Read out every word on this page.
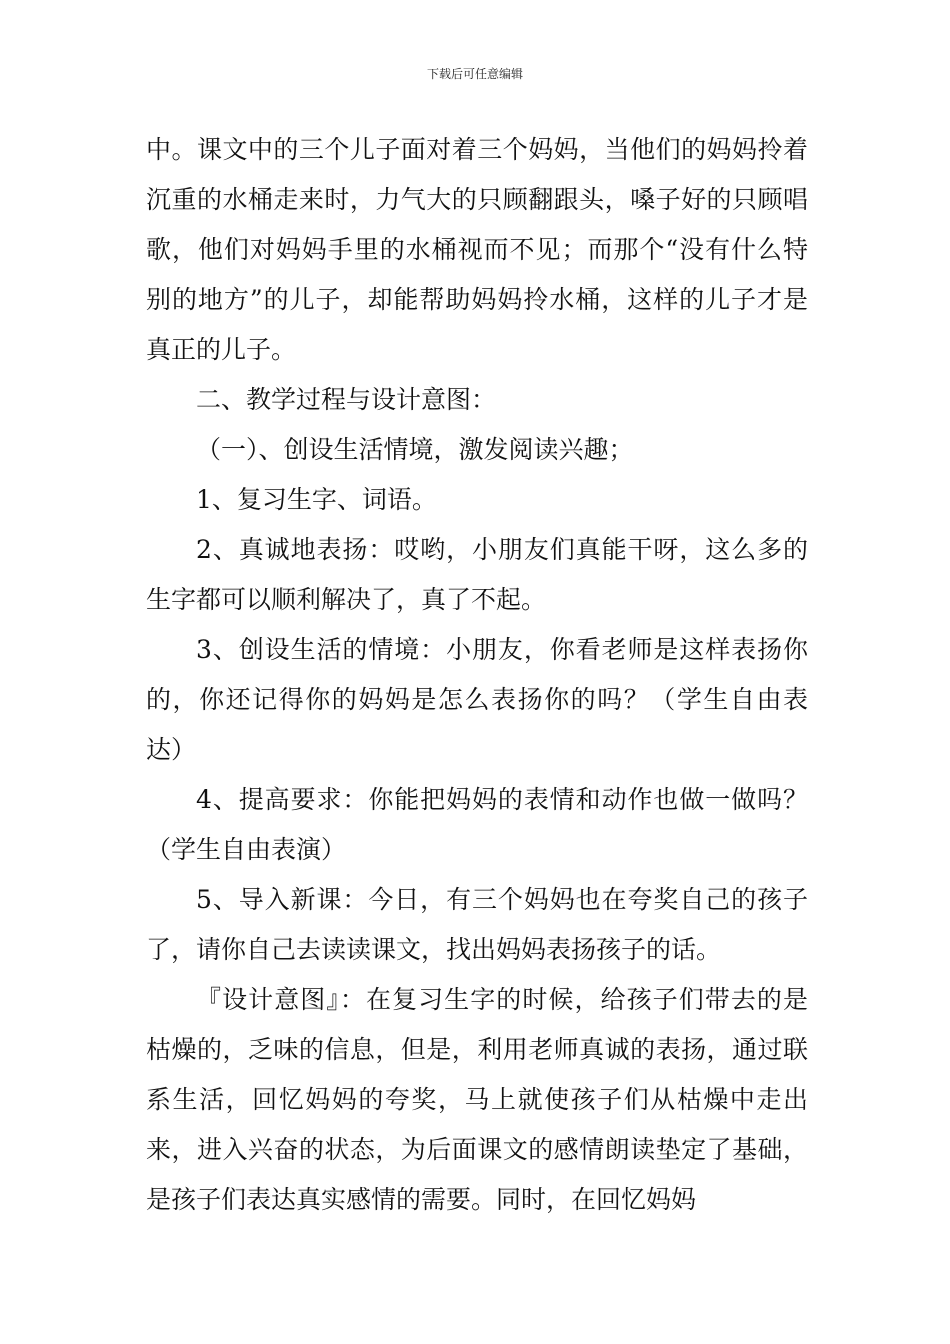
下载后可任意编辑

中。课文中的三个儿子面对着三个妈妈，当他们的妈妈拎着沉重的水桶走来时，力气大的只顾翻跟头，嗓子好的只顾唱歌，他们对妈妈手里的水桶视而不见；而那个“没有什么特别的地方”的儿子，却能帮助妈妈拎水桶，这样的儿子才是真正的儿子。

二、教学过程与设计意图：

（一）、创设生活情境，激发阅读兴趣；

1、复习生字、词语。

2、真诚地表扬：哎哟，小朋友们真能干呀，这么多的生字都可以顺利解决了，真了不起。

3、创设生活的情境：小朋友，你看老师是这样表扬你的，你还记得你的妈妈是怎么表扬你的吗？（学生自由表达）

4、提高要求：你能把妈妈的表情和动作也做一做吗？（学生自由表演）

5、导入新课：今日，有三个妈妈也在夸奖自己的孩子了，请你自己去读读课文，找出妈妈表扬孩子的话。

『设计意图』：在复习生字的时候，给孩子们带去的是枯燥的，乏味的信息，但是，利用老师真诚的表扬，通过联系生活，回忆妈妈的夸奖，马上就使孩子们从枯燥中走出来，进入兴奋的状态，为后面课文的感情朗读垫定了基础，是孩子们表达真实感情的需要。同时，在回忆妈妈
